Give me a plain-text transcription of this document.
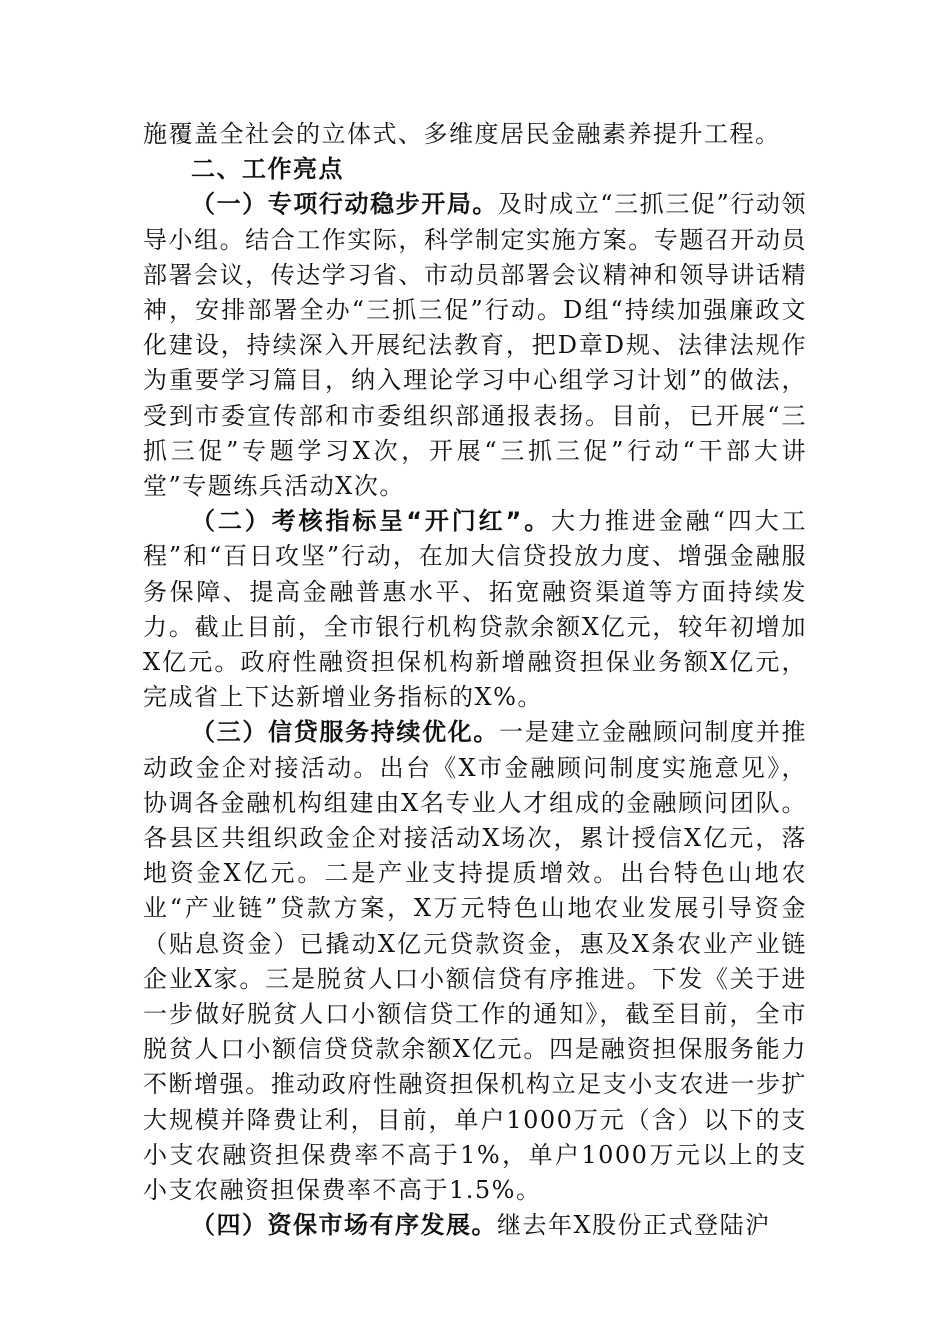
施覆盖全社会的立体式、多维度居民金融素养提升工程。

二、工作亮点

（一）专项行动稳步开局。及时成立“三抓三促”行动领导小组。结合工作实际，科学制定实施方案。专题召开动员部署会议，传达学习省、市动员部署会议精神和领导讲话精神，安排部署全办“三抓三促”行动。D组“持续加强廉政文化建设，持续深入开展纪法教育，把D章D规、法律法规作为重要学习篇目，纳入理论学习中心组学习计划”的做法，受到市委宣传部和市委组织部通报表扬。目前，已开展“三抓三促”专题学习X次，开展“三抓三促”行动“干部大讲堂”专题练兵活动X次。

（二）考核指标呈“开门红”。大力推进金融“四大工程”和“百日攻坚”行动，在加大信贷投放力度、增强金融服务保障、提高金融普惠水平、拓宽融资渠道等方面持续发力。截止目前，全市银行机构贷款余额X亿元，较年初增加X亿元。政府性融资担保机构新增融资担保业务额X亿元，完成省上下达新增业务指标的X%。

（三）信贷服务持续优化。一是建立金融顾问制度并推动政金企对接活动。出台《X市金融顾问制度实施意见》，协调各金融机构组建由X名专业人才组成的金融顾问团队。各县区共组织政金企对接活动X场次，累计授信X亿元，落地资金X亿元。二是产业支持提质增效。出台特色山地农业“产业链”贷款方案，X万元特色山地农业发展引导资金（贴息资金）已撬动X亿元贷款资金，惠及X条农业产业链企业X家。三是脱贫人口小额信贷有序推进。下发《关于进一步做好脱贫人口小额信贷工作的通知》，截至目前，全市脱贫人口小额信贷贷款余额X亿元。四是融资担保服务能力不断增强。推动政府性融资担保机构立足支小支农进一步扩大规模并降费让利，目前，单户1000万元（含）以下的支小支农融资担保费率不高于1%，单户1000万元以上的支小支农融资担保费率不高于1.5%。

（四）资保市场有序发展。继去年X股份正式登陆沪
